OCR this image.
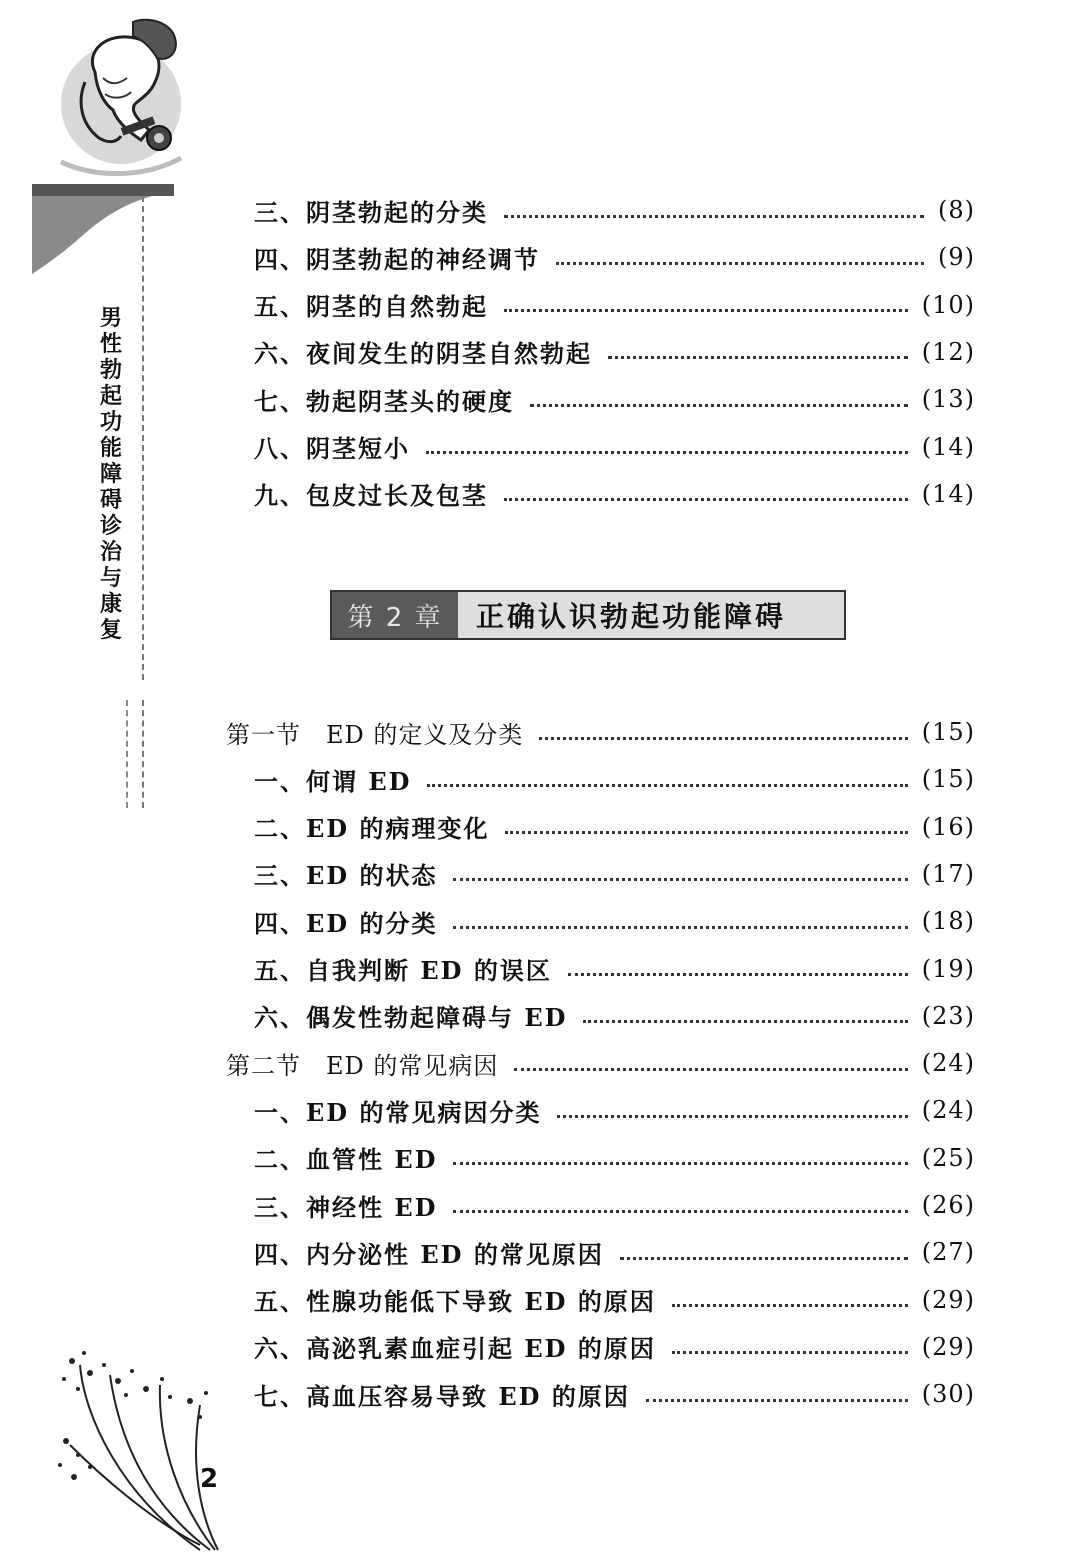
男
性
勃
起
功
能
障
碍
诊
治
与
康
复
三、阴茎勃起的分类	(8)
四、阴茎勃起的神经调节	(9)
五、阴茎的自然勃起	(10)
六、夜间发生的阴茎自然勃起	(12)
七、勃起阴茎头的硬度	(13)
八、阴茎短小	(14)
九、包皮过长及包茎	(14)
第 2 章	正确认识勃起功能障碍
第一节　ED 的定义及分类	(15)
一、何谓 ED	(15)
二、ED 的病理变化	(16)
三、ED 的状态	(17)
四、ED 的分类	(18)
五、自我判断 ED 的误区	(19)
六、偶发性勃起障碍与 ED	(23)
第二节　ED 的常见病因	(24)
一、ED 的常见病因分类	(24)
二、血管性 ED	(25)
三、神经性 ED	(26)
四、内分泌性 ED 的常见原因	(27)
五、性腺功能低下导致 ED 的原因	(29)
六、高泌乳素血症引起 ED 的原因	(29)
七、高血压容易导致 ED 的原因	(30)
2
